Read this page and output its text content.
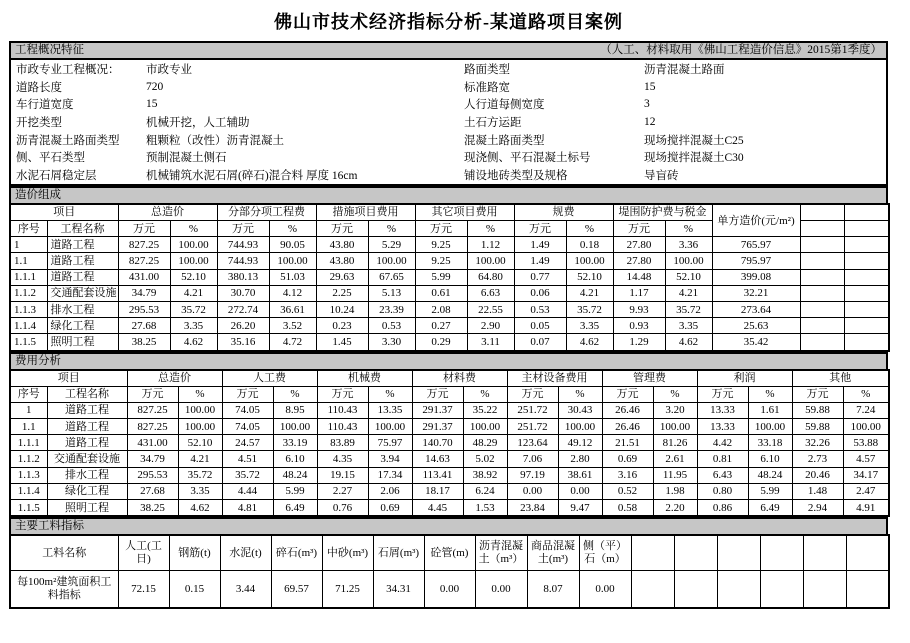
佛山市技术经济指标分析-某道路项目案例
工程概况特征	（人工、材料取用《佛山工程造价信息》2015第1季度）
市政专业工程概况：	市政专业	路面类型	沥青混凝土路面
道路长度	720	标准路宽	15
车行道宽度	15	人行道每侧宽度	3
开挖类型	机械开挖，人工辅助	土石方运距	12
沥青混凝土路面类型	粗颗粒（改性）沥青混凝土	混凝土路面类型	现场搅拌混凝土C25
侧、平石类型	预制混凝土侧石	现浇侧、平石混凝土标号	现场搅拌混凝土C30
水泥石屑稳定层	机械铺筑水泥石屑(碎石)混合料 厚度 16cm	铺设地砖类型及规格	导盲砖
造价组成
项目		总造价		分部分项工程费		措施项目费用		其它项目费用		规费		堤围防护费与税金		单方造价(元/m²)		
序号	工程名称	万元	%	万元	%	万元	%	万元	%	万元	%	万元	%			
1	道路工程	827.25	100.00	744.93	90.05	43.80	5.29	9.25	1.12	1.49	0.18	27.80	3.36	765.97		
1.1	道路工程	827.25	100.00	744.93	100.00	43.80	100.00	9.25	100.00	1.49	100.00	27.80	100.00	795.97		
1.1.1	道路工程	431.00	52.10	380.13	51.03	29.63	67.65	5.99	64.80	0.77	52.10	14.48	52.10	399.08		
1.1.2	交通配套设施	34.79	4.21	30.70	4.12	2.25	5.13	0.61	6.63	0.06	4.21	1.17	4.21	32.21		
1.1.3	排水工程	295.53	35.72	272.74	36.61	10.24	23.39	2.08	22.55	0.53	35.72	9.93	35.72	273.64		
1.1.4	绿化工程	27.68	3.35	26.20	3.52	0.23	0.53	0.27	2.90	0.05	3.35	0.93	3.35	25.63		
1.1.5	照明工程	38.25	4.62	35.16	4.72	1.45	3.30	0.29	3.11	0.07	4.62	1.29	4.62	35.42		
费用分析
项目		总造价		人工费		机械费		材料费		主材设备费用		管理费		利润		其他	
序号	工程名称	万元	%	万元	%	万元	%	万元	%	万元	%	万元	%	万元	%	万元	%
1	道路工程	827.25	100.00	74.05	8.95	110.43	13.35	291.37	35.22	251.72	30.43	26.46	3.20	13.33	1.61	59.88	7.24
1.1	道路工程	827.25	100.00	74.05	100.00	110.43	100.00	291.37	100.00	251.72	100.00	26.46	100.00	13.33	100.00	59.88	100.00
1.1.1	道路工程	431.00	52.10	24.57	33.19	83.89	75.97	140.70	48.29	123.64	49.12	21.51	81.26	4.42	33.18	32.26	53.88
1.1.2	交通配套设施	34.79	4.21	4.51	6.10	4.35	3.94	14.63	5.02	7.06	2.80	0.69	2.61	0.81	6.10	2.73	4.57
1.1.3	排水工程	295.53	35.72	35.72	48.24	19.15	17.34	113.41	38.92	97.19	38.61	3.16	11.95	6.43	48.24	20.46	34.17
1.1.4	绿化工程	27.68	3.35	4.44	5.99	2.27	2.06	18.17	6.24	0.00	0.00	0.52	1.98	0.80	5.99	1.48	2.47
1.1.5	照明工程	38.25	4.62	4.81	6.49	0.76	0.69	4.45	1.53	23.84	9.47	0.58	2.20	0.86	6.49	2.94	4.91
主要工料指标
工料名称	人工(工日)	钢筋(t)	水泥(t)	碎石(m³)	中砂(m³)	石屑(m³)	砼管(m)	沥青混凝土（m³）	商品混凝土(m³)	侧（平）石（m）						
每100m²建筑面积工料指标	72.15	0.15	3.44	69.57	71.25	34.31	0.00	0.00	8.07	0.00						
